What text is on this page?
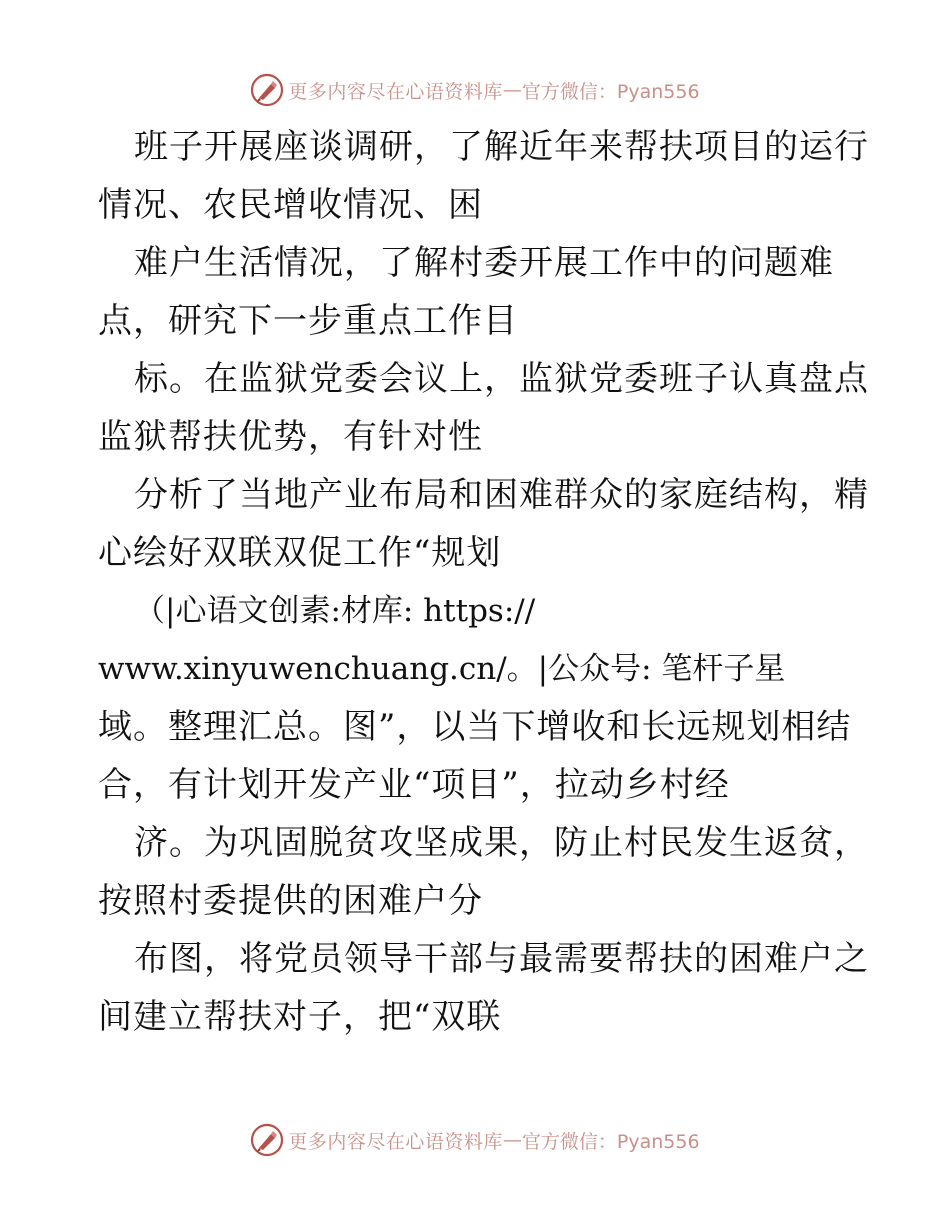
更多内容尽在心语资料库 — 官方微信：Pyan556
班子开展座谈调研，了解近年来帮扶项目的运行
情况、农民增收情况、困
难户生活情况，了解村委开展工作中的问题难
点，研究下一步重点工作目
标。在监狱党委会议上，监狱党委班子认真盘点
监狱帮扶优势，有针对性
分析了当地产业布局和困难群众的家庭结构，精
心绘好双联双促工作“规划
（|心语文创素:材库: https://
www.xinyuwenchuang.cn/。|公众号: 笔杆子星
域。整理汇总。图”，以当下增收和长远规划相结
合，有计划开发产业“项目”，拉动乡村经
济。为巩固脱贫攻坚成果，防止村民发生返贫，
按照村委提供的困难户分
布图，将党员领导干部与最需要帮扶的困难户之
间建立帮扶对子，把“双联
更多内容尽在心语资料库 — 官方微信：Pyan556
